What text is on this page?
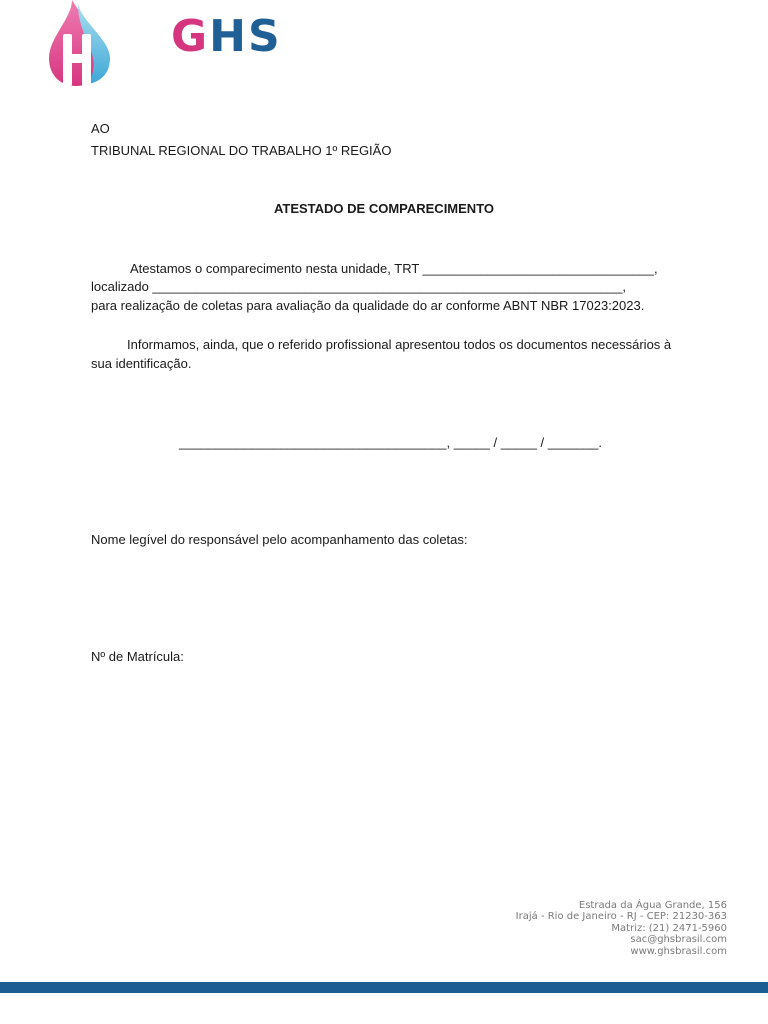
GHS
AO
TRIBUNAL REGIONAL DO TRABALHO 1º REGIÃO
ATESTADO DE COMPARECIMENTO
Atestamos o comparecimento nesta unidade, TRT ________________________________,
localizado _________________________________________________________________,
para realização de coletas para avaliação da qualidade do ar conforme ABNT NBR 17023:2023.
Informamos, ainda, que o referido profissional apresentou todos os documentos necessários à
sua identificação.
_____________________________________, _____ / _____ / _______.
Nome legível do responsável pelo acompanhamento das coletas:
Nº de Matrícula:
Estrada da Água Grande, 156
Irajá - Rio de Janeiro - RJ - CEP: 21230-363
Matriz: (21) 2471-5960
sac@ghsbrasil.com
www.ghsbrasil.com
